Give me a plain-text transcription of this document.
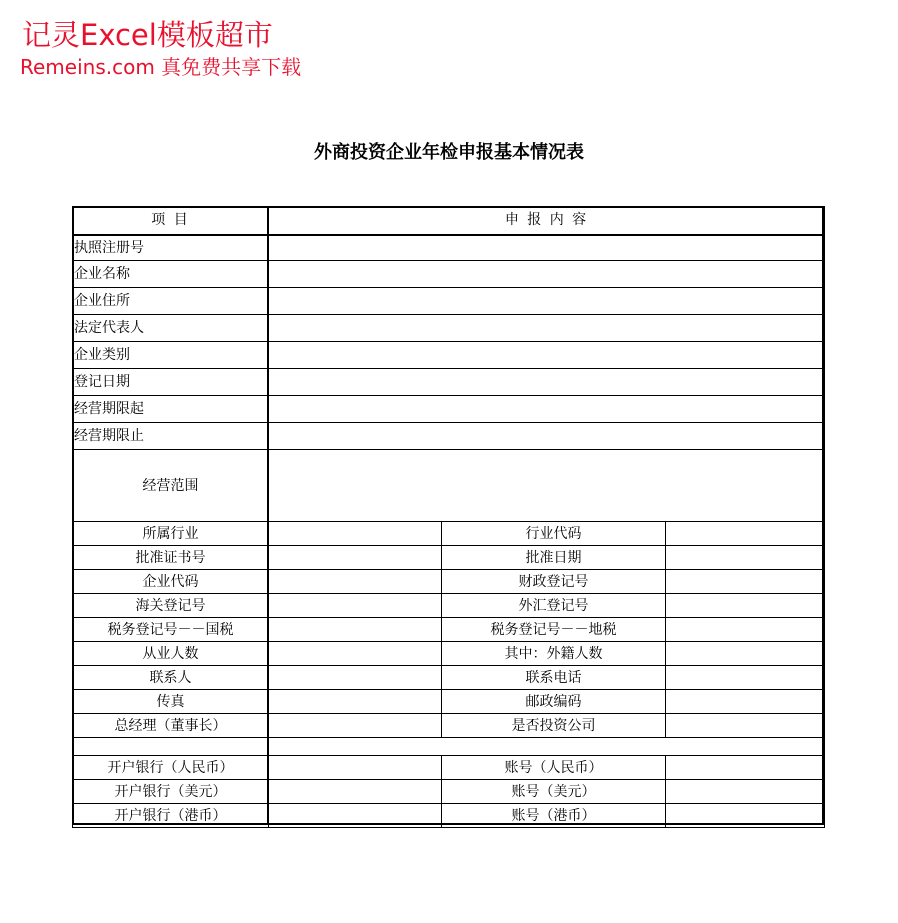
记灵Excel模板超市
Remeins.com 真免费共享下载
外商投资企业年检申报基本情况表
项 目	申 报 内 容		
执照注册号			
企业名称			
企业住所			
法定代表人			
企业类别			
登记日期			
经营期限起			
经营期限止			
经营范围			
所属行业		行业代码	
批准证书号		批准日期	
企业代码		财政登记号	
海关登记号		外汇登记号	
税务登记号－－国税		税务登记号－－地税	
从业人数		其中：外籍人数	
联系人		联系电话	
传真		邮政编码	
总经理（董事长）		是否投资公司	

开户银行（人民币）		账号（人民币）	
开户银行（美元）		账号（美元）	
开户银行（港币）		账号（港币）	
